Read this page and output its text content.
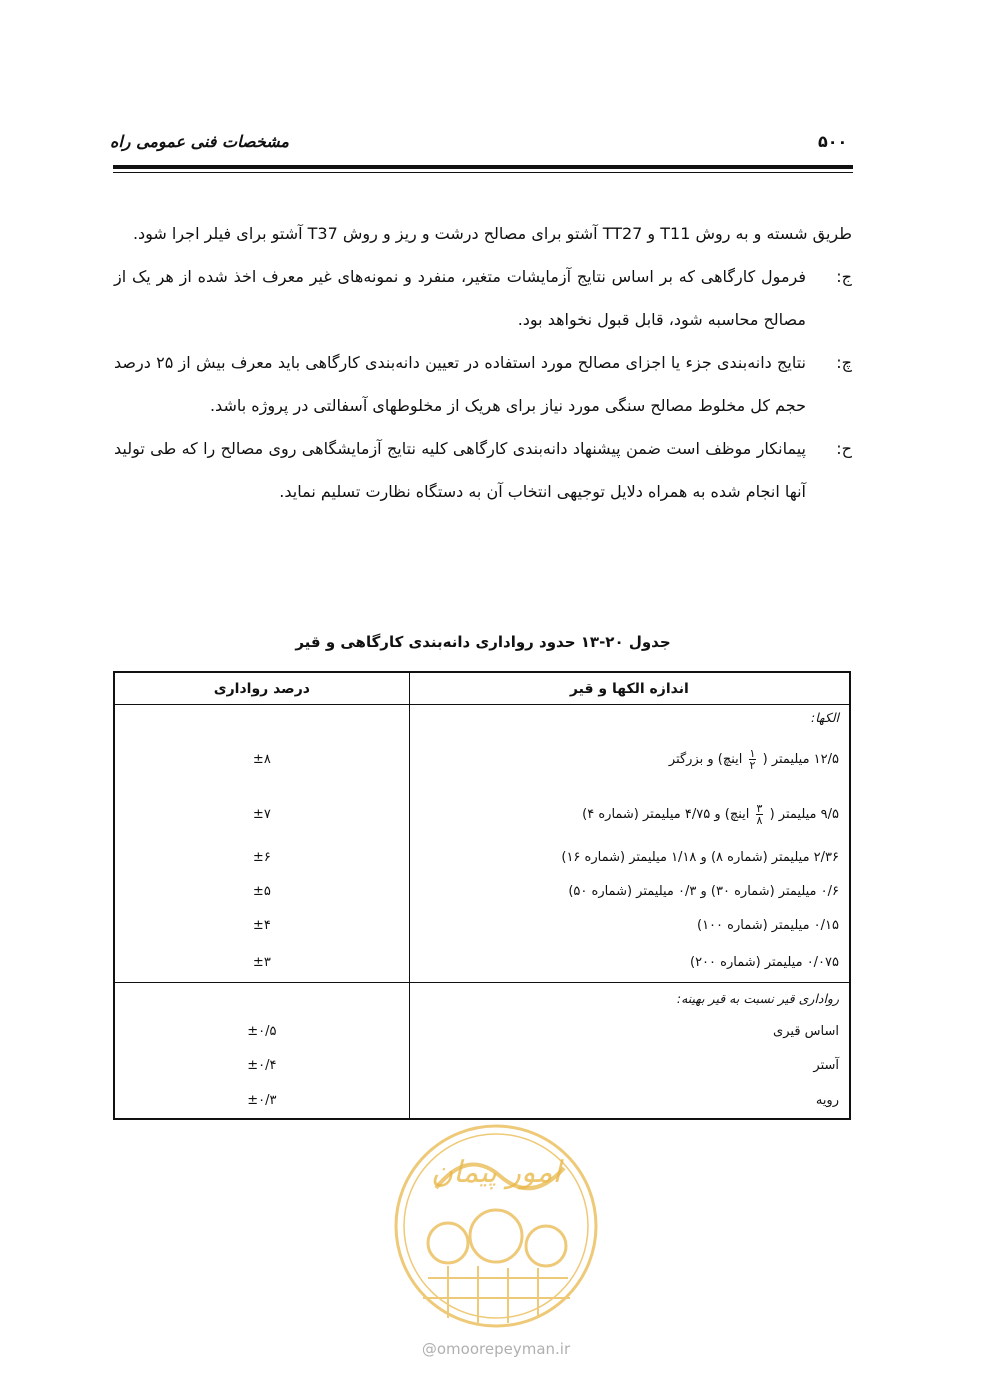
مشخصات فنی عمومی راه	۵۰۰

طریق شسته و به روش T11 و TT27 آشتو برای مصالح درشت و ریز و روش T37 آشتو برای فیلر اجرا شود.

ج:
فرمول کارگاهی که بر اساس نتایج آزمایشات متغیر، منفرد و نمونه‌های غیر معرف اخذ شده از هر یک از مصالح محاسبه شود، قابل قبول نخواهد بود.

چ:
نتایج دانه‌بندی جزء یا اجزای مصالح مورد استفاده در تعیین دانه‌بندی کارگاهی باید معرف بیش از ۲۵ درصد حجم کل مخلوط مصالح سنگی مورد نیاز برای هریک از مخلوطهای آسفالتی در پروژه باشد.

ح:
پیمانکار موظف است ضمن پیشنهاد دانه‌بندی کارگاهی کلیه نتایج آزمایشگاهی روی مصالح را که طی تولید آنها انجام شده به همراه دلایل توجیهی انتخاب آن به دستگاه نظارت تسلیم نماید.

جدول ۲۰-۱۳ حدود رواداری دانه‌بندی کارگاهی و قیر
اندازه الکها و قیر	درصد رواداری
الکها:	
۱۲/۵ میلیمتر (
$\frac{۱}{۲}$
اینچ) و بزرگتر	±۸
۹/۵ میلیمتر (
$\frac{۳}{۸}$
اینچ) و ۴/۷۵ میلیمتر (شماره ۴)	±۷
۲/۳۶ میلیمتر (شماره ۸) و ۱/۱۸ میلیمتر (شماره ۱۶)	±۶
۰/۶ میلیمتر (شماره ۳۰) و ۰/۳ میلیمتر (شماره ۵۰)	±۵
۰/۱۵ میلیمتر (شماره ۱۰۰)	±۴
۰/۰۷۵ میلیمتر (شماره ۲۰۰)	±۳
رواداری قیر نسبت به قیر بهینه:	
اساس قیری	±۰/۵
آستر	±۰/۴
رویه	±۰/۳
امور پیمان
@omoorepeyman.ir
